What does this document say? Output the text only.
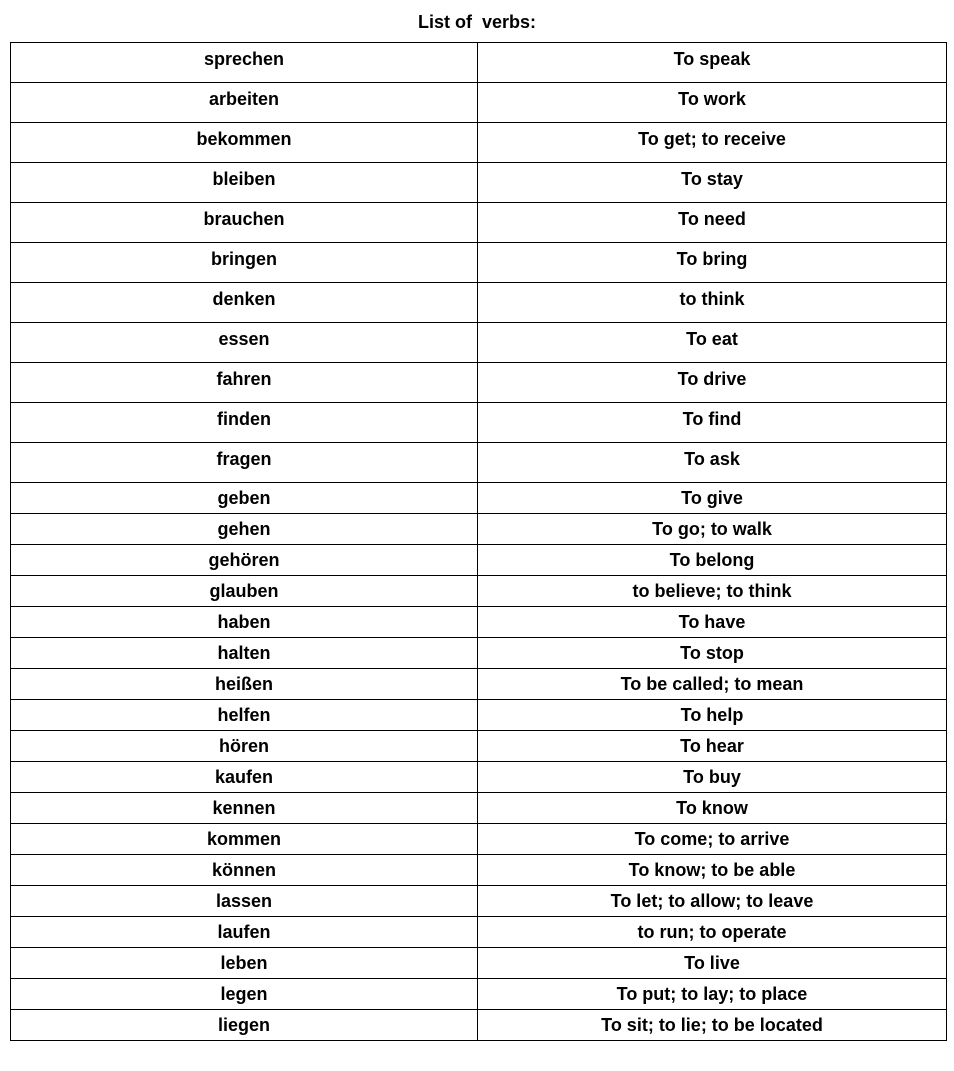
List of  verbs:
sprechen	To speak
arbeiten	To work
bekommen	To get; to receive
bleiben	To stay
brauchen	To need
bringen	To bring
denken	to think
essen	To eat
fahren	To drive
finden	To find
fragen	To ask
geben	To give
gehen	To go; to walk
gehören	To belong
glauben	to believe; to think
haben	To have
halten	To stop
heißen	To be called; to mean
helfen	To help
hören	To hear
kaufen	To buy
kennen	To know
kommen	To come; to arrive
können	To know; to be able
lassen	To let; to allow; to leave
laufen	to run; to operate
leben	To live
legen	To put; to lay; to place
liegen	To sit; to lie; to be located
